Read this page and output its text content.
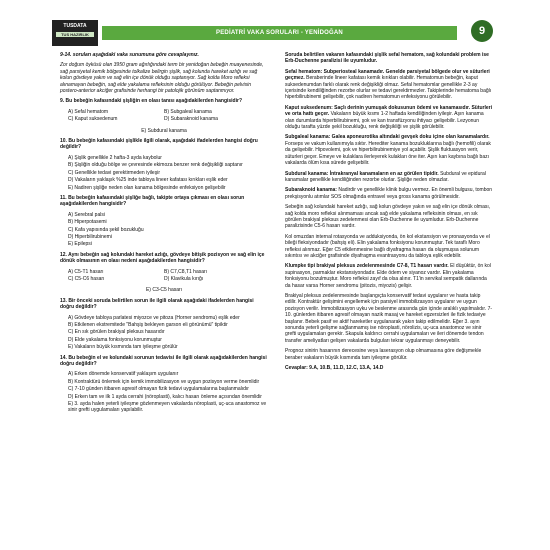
TUSDATA
TUS HAZIRLIK	PEDİATRİ VAKA SORULARI - YENİDOĞAN	9

9-14. soruları aşağıdaki vaka sunumuna göre cevaplayınız.

Zor doğum öyküsü olan 3950 gram ağırlığındaki term bir yenidoğan bebeğin muayenesinde, sağ parsiyetal kemik bölgesinde tolkalize belirgin şişlik, sağ kolunda hareket azlığı ve sağ kolun gövdeye yakın ve sağ elin içe dönük olduğu saptanıyor. Sağ kolda Moro refleksi alınamayan bebeğin, sağ elde yakalama refleksinin olduğu görülüyor. Bebeğin pelvisin postero-anterior akciğer grafisinde herhangi bir patolojik görünüm saptanmıyor.

9. Bu bebeğin kafasındaki şişliğin en olası tanısı aşağıdakilerden hangisidir?

A) Sefal hematom	B) Subgaleal kanama
C) Kaput suksedenum	D) Subaraknoid kanama
E) Subdural kanama

10. Bu bebeğin kafasındaki şişlikle ilgili olarak, aşağıdaki ifadelerden hangisi doğru değildir?

A) Şişlik genellikle 2 hafta-3 ayda kaybolur
B) Şişliğin olduğu bölge ve çevresinde ekimoza benzer renk değişikliği saptanır
C) Genellikle tedavi gerektirmeden iyileşir
D) Vakaların yaklaşık %25 inde tabloya lineer kafatası kırıkları eşlik eder
E) Nadiren şişliğe neden olan kanama bölgesinde enfeksiyon gelişebilir

11. Bu bebeğin kafasındaki şişliğe bağlı, takipte ortaya çıkması en olası sorun aşağıdakilerden hangisidir?

A) Serebral palsi
B) Hiperpotasemi
C) Kafa yapısında şekil bozukluğu
D) Hiperbilirubinemi
E) Epilepsi

12. Aynı bebeğin sağ kolundaki hareket azlığı, gövdeye bitişik pozisyon ve sağ elin içe dönük olmasının en olası nedeni aşağıdakilerden hangisidir?

A) C5-T1 hasarı	B) C7,C8,T1 hasarı
C) C5-C6 hasarı	D) Klavikula kırığı
E) C3-C5 hasarı

13. Bir önceki soruda belirtilen sorun ile ilgili olarak aşağıdaki ifadelerden hangisi doğru değildir?

A) Gövdeye tabloya parlatesi miyozce ve pitoza (Horner sendromu) eşlik eder
B) Etkilenen ekstremitede "Bahşiş bekleyen garson eli görünümü" tipiktir
C) En sık görülen brakiyal pleksus hasarıdır
D) Elde yakalama fonksiyonu korunmuştur
E) Vakaların büyük kısmında tam iyileşme görülür

14. Bu bebeğin el ve kolundaki sorunun tedavisi ile ilgili olarak aşağıdakilerden hangisi doğru değildir?

A) Erken dönemde konservatif yaklaşım uygulanır
B) Kontraktürü önlemek için kemik immobilizasyon ve uygun pozisyon verme önemlidir
C) 7-10 günden itibaren agresif olmayan fizik tedavi uygulamalarına başlanmalıdır
D) Erken tam ve ilk 1 ayda cerrahi (nöroplasti), kalıcı hasarı önleme açısından önemlidir
E) 3. ayda halen yeterli iyileşme gözlenmeyen vakalarda nöroplasti, uç-uca anastomoz ve sinir grefti uygulamaları yapılabilir.

Soruda belirtilen vakanın kafasındaki şişlik sefal hematom, sağ kolundaki problem ise Erb-Duchenne paralizisi ile uyumludur.

Sefal hematom: Subperiosteal kanamadır. Genelde parsiyetal bölgede olur ve süturleri geçmez. Beraberinde lineer kafatası kemik kırıkları olabilir. Hematomun bebeğin, kaput suksedenumdan farklı olarak renk değişikliği olmaz. Sefal hematomlar genellikle 2-3 ay içerisinde kendiliğinden rezorbe olurlar ve tedavi gerektirmezler. Takiplerinde hematoma bağlı hiperbilirubinemi gelişebilir, çok nadiren hematomun enfeksiyonu görülebilir.

Kaput suksedenum: Saçlı derinin yumuşak dokusunun ödemi ve kanamasıdır. Süturleri ve orta hattı geçer. Vakaların büyük kısmı 1-2 haftada kendiliğinden iyileşir. Aşırı kanama olan durumlarda hiperbilirubinemi, şok ve kan transfüzyonu ihtiyacı gelişebilir. Lezyonun olduğu tarafta yüzde şekil bozukluğu, renk değişikliği ve şişlik görülebilir.

Subgaleal kanama: Galea aponeurotika altındaki gevşek doku içine olan kanamalardır. Forseps ve vakum kullanımıyla sıktır. Herediter kanama bozukluklarına bağlı (hemofili) olarak da gelişebilir. Hipovolemi, şok ve hiperbilirubinemiye yol açabilir. Şişlik fluktuasyon verir, süturleri geçer. Emeye ve kulaklara ilerleyerek kulakları öne iter. Aşırı kan kaybına bağlı bazı vakalarda ölüm kısa sürede gelişebilir.

Subdural kanama: İntrakranyal kanamaların en az görülen tipidir. Subdural ve epidural kanamalar genellikle kendiliğinden rezorbe olurlar. Şişliğe neden olmazlar.

Subaraknoid kanama: Nadirdir ve genellikle klinik bulgu vermez. En önemli bulgusu, tombon prekşisyonlu atımlar SOS olmağında entravel veya gross kanama görülmesidir.

Sebeğin sağ kolundaki hareket azlığı, sağ kolun gövdeye yakın ve sağ elin içe dönük olması, sağ kolda moro refleksi alınmaması ancak sağ elde yakalama refleksinin olması, en sık görülen brakiyal pleksus zedelenmesi olan Erb-Duchenne ile uyumludur. Erb-Duchenne paralizisinde C5-6 hasarı vardır.

Kol omuzdan internal rotasyonda ve adduksiyonda, ön kol ekstansiyon ve pronasyonda ve el bileği fleksiyondadır (bahşiş eli). Elin yakalama fonksiyonu korunmuştur. Tek taraflı Moro refleksi alınmaz. Eğer C5 etkilenmesine bağlı diyafragma hasarı da oluşmuşsa solunum sıkıntısı ve akciğer grafisinde diyafragma evantrasyonu da tabloya eşlik edebilir.

Klumpke tipi brakiyal pleksus zedelenmesinde C7-8, T1 hasarı vardır. El düşüktür, ön kol supinasyon, parmaklar ekstansiyondadır. Elde ödem ve siyanoz vardır. Elin yakalama fonksiyonu bozulmuştur. Moro refleksi zayıf da olsa alınır. T1'in servikal sempatik dallarında da hasar varsa Horner sendromu (pitozis, miyozis) gelişir.

Brakiyal pleksus zedelenmesinde başlangıçta konservatif tedavi uygulanır ve hasta takip edilir. Kontraktür gelişimini engellemek için parsiyel immobilizasyon uygulanır ve uygun pozisyon verilir. İmmobilizasyon uyku ve beslenme arasında gün içinde aralıklı yapılmalıdır. 7-10. günlerden itibaren agresif olmayan nazik masaj ve hareket egzersizleri ile fizik tedaviye başlanır. Bebek pasif ve aktif hareketler uygulanarak yakın takip edilmelidir. Eğer 3. ayın sonunda yeterli gelişme sağlanmamış ise nöroplasti, nörolizis, uç-uca anastomoz ve sinir grefti uygulamaları gerekir. Skapula kaldırıcı cerrahi uygulamaları ve ileri dönemde tendon transfer ameliyatları gelişen vakalarda bulguları tekrar uygulanmayı deneyebilir.

Prognoz sinirin hasarının derecesine veya laserasyon olup olmamasına göre değişmekle beraber vakaların büyük kısmında tam iyileşme görülür.

Cevaplar: 9.A, 10.B, 11.D, 12.C, 13.A, 14.D
